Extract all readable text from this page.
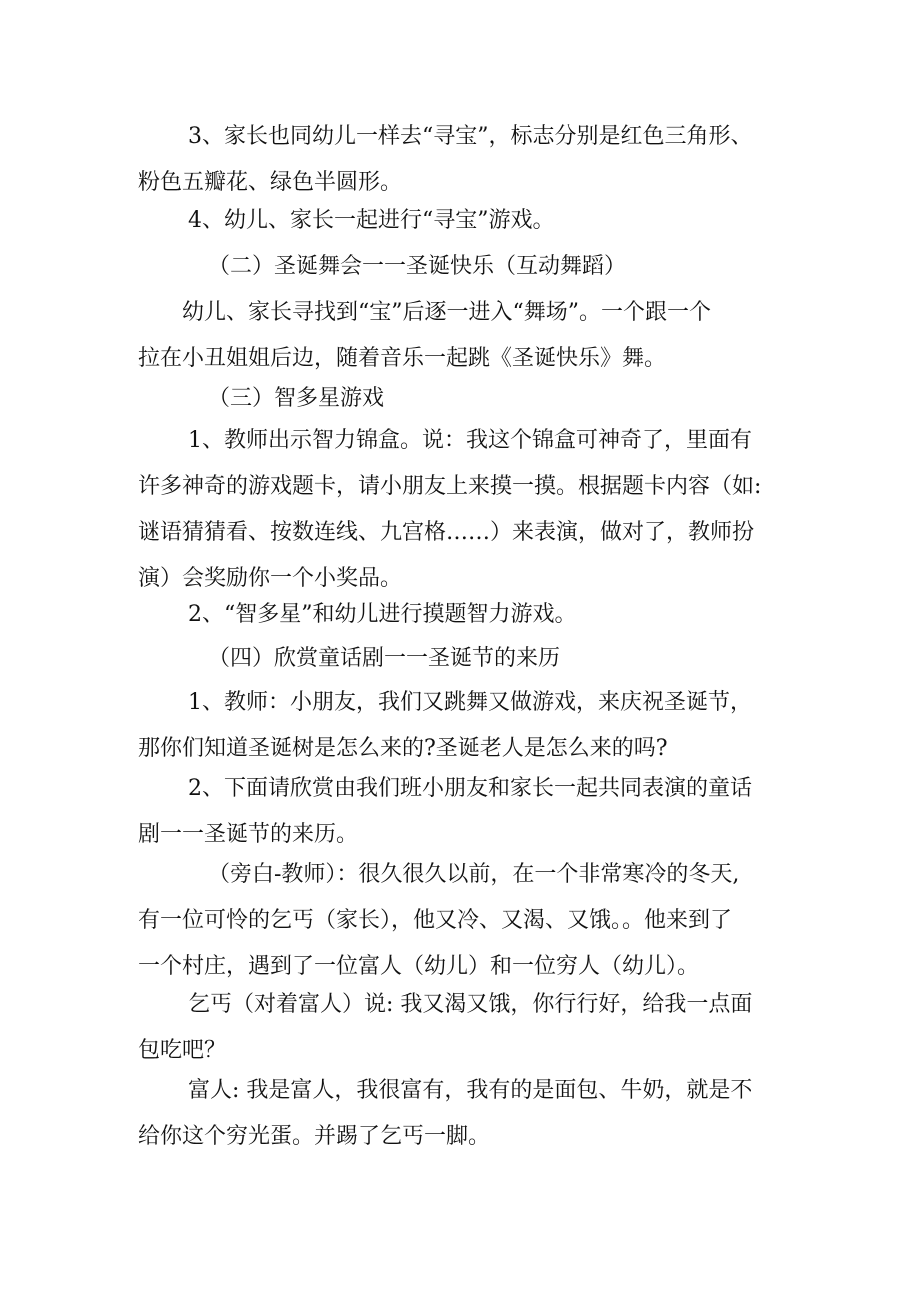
3、家长也同幼儿一样去“寻宝”，标志分别是红色三角形、
粉色五瓣花、绿色半圆形。
4、幼儿、家长一起进行“寻宝”游戏。
（二）圣诞舞会一一圣诞快乐（互动舞蹈）
幼儿、家长寻找到“宝”后逐一进入“舞场”。一个跟一个
拉在小丑姐姐后边，随着音乐一起跳《圣诞快乐》舞。
（三）智多星游戏
1、教师出示智力锦盒。说：我这个锦盒可神奇了，里面有
许多神奇的游戏题卡，请小朋友上来摸一摸。根据题卡内容（如:
谜语猜猜看、按数连线、九宫格……）来表演，做对了，教师扮
演）会奖励你一个小奖品。
2、“智多星”和幼儿进行摸题智力游戏。
（四）欣赏童话剧一一圣诞节的来历
1、教师：小朋友，我们又跳舞又做游戏，来庆祝圣诞节，
那你们知道圣诞树是怎么来的?圣诞老人是怎么来的吗?
2、下面请欣赏由我们班小朋友和家长一起共同表演的童话
剧一一圣诞节的来历。
（旁白-教师）：很久很久以前，在一个非常寒冷的冬天,
有一位可怜的乞丐（家长），他又冷、又渴、又饿。。他来到了
一个村庄，遇到了一位富人（幼儿）和一位穷人（幼儿）。
乞丐（对着富人）说: 我又渴又饿，你行行好，给我一点面
包吃吧？
富人: 我是富人，我很富有，我有的是面包、牛奶，就是不
给你这个穷光蛋。并踢了乞丐一脚。
